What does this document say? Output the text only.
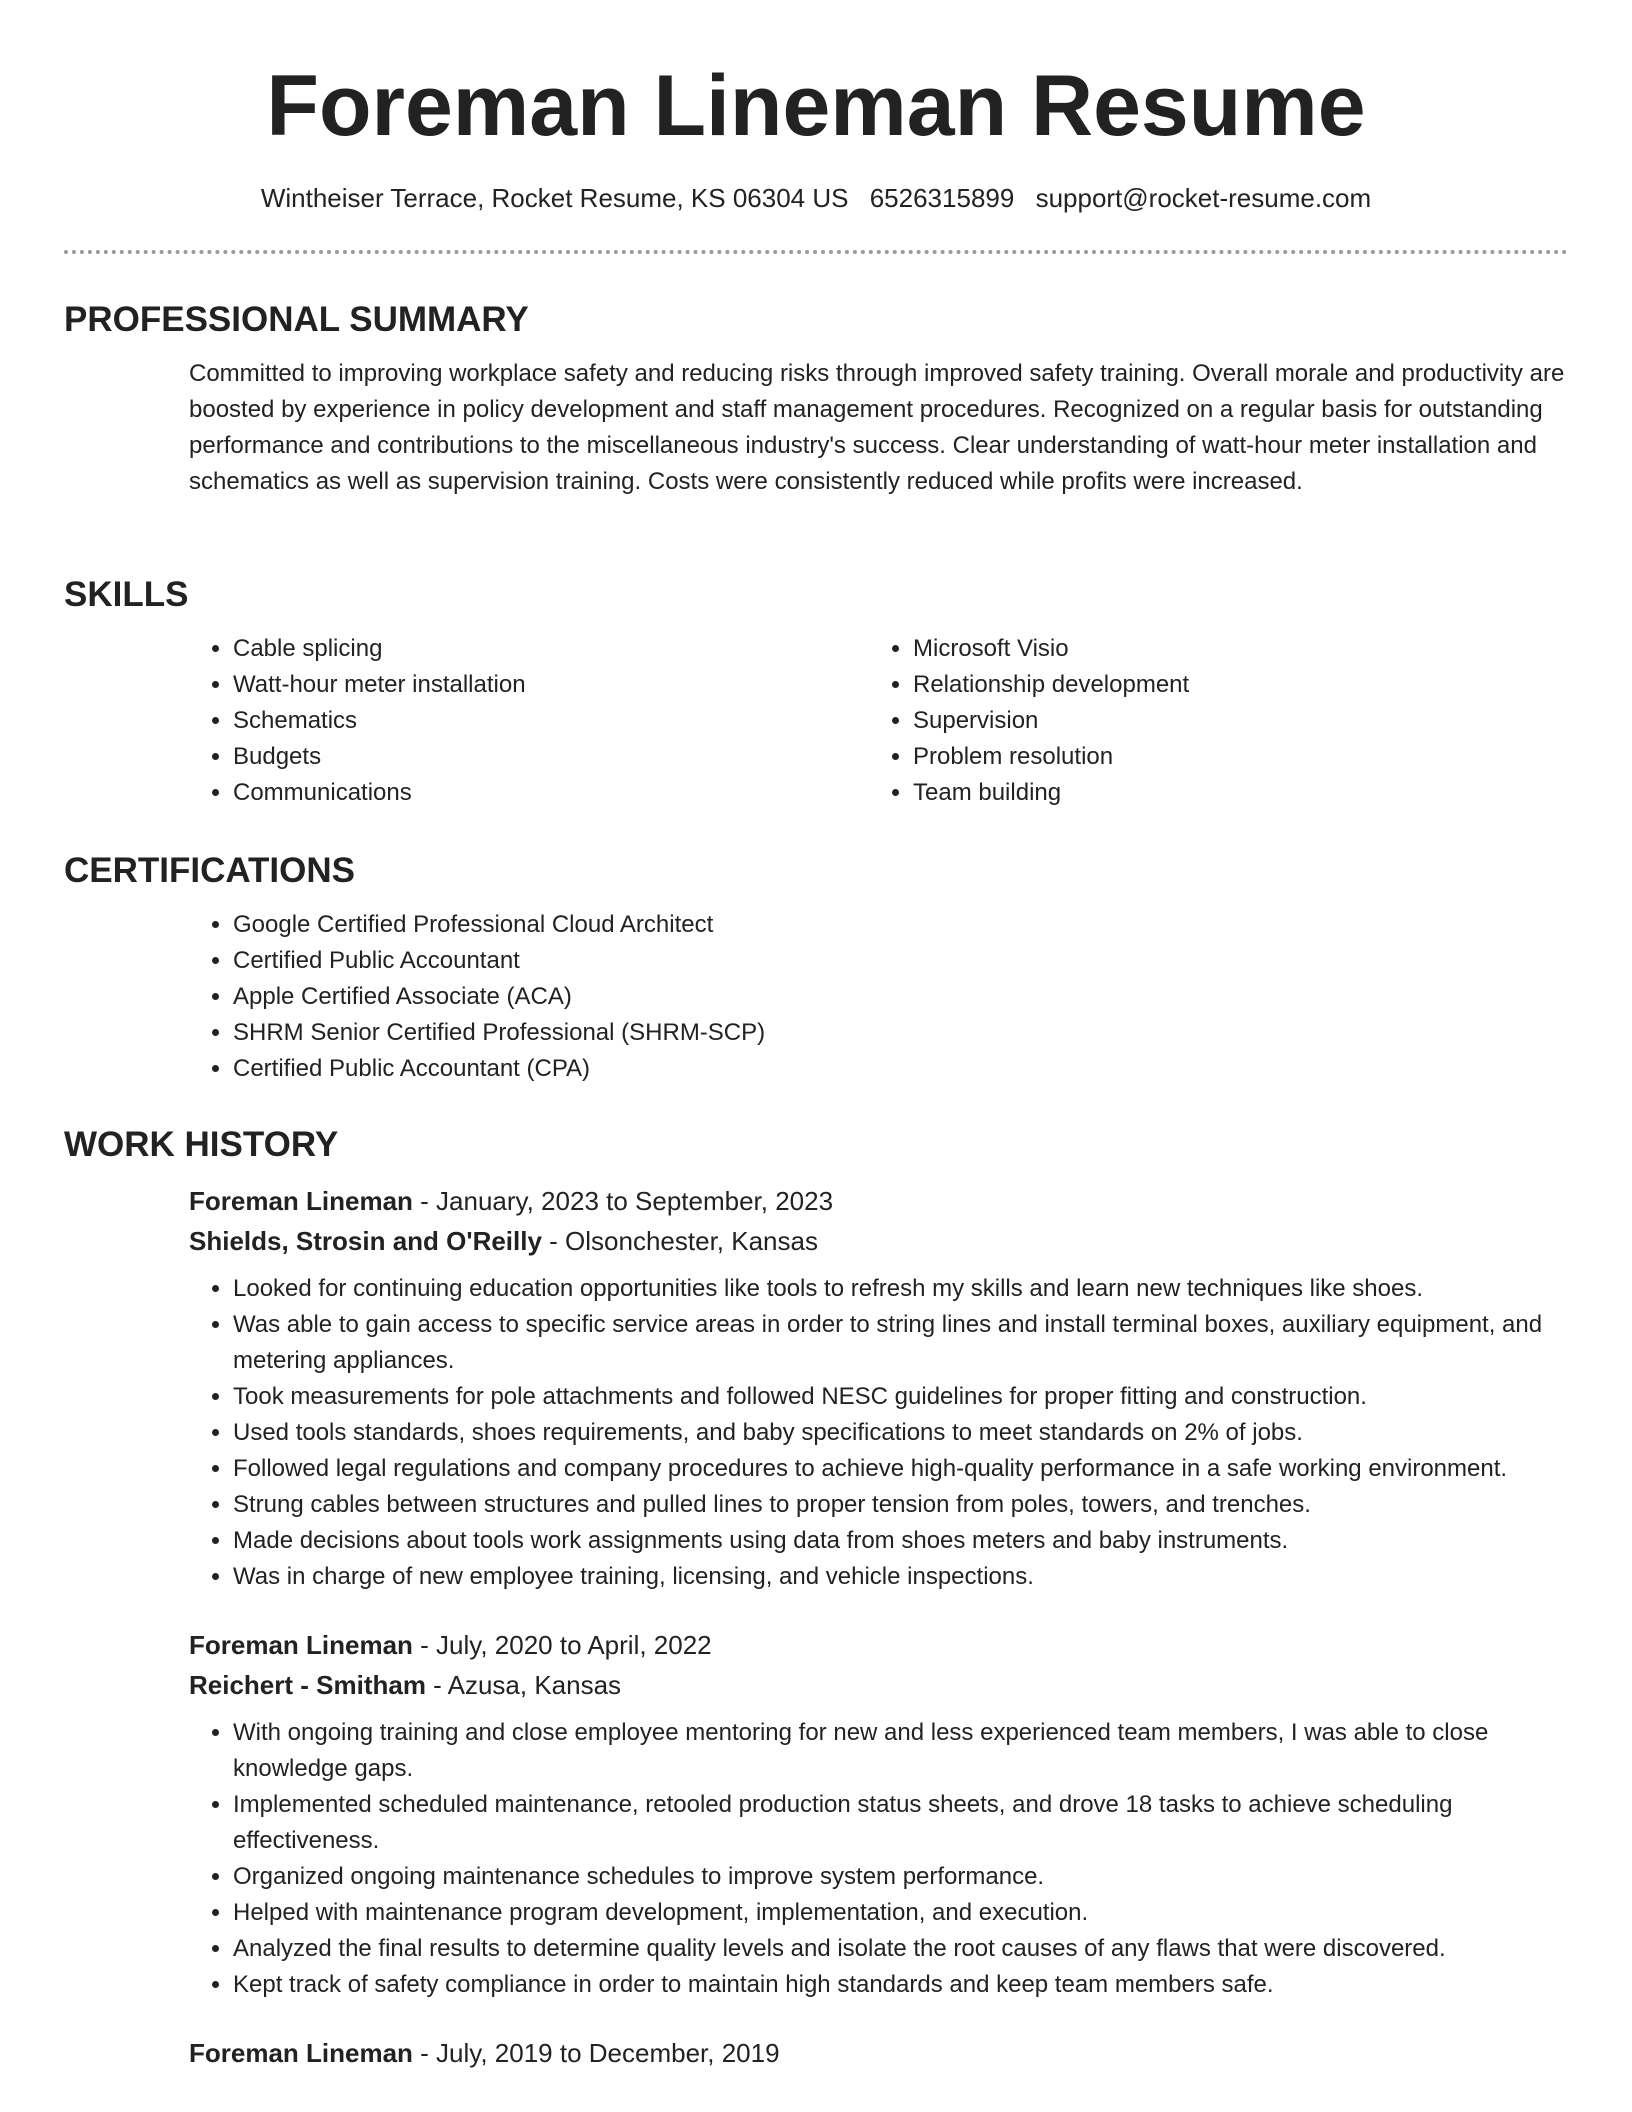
Foreman Lineman Resume
Wintheiser Terrace, Rocket Resume, KS 06304 US 6526315899 support@rocket-resume.com
PROFESSIONAL SUMMARY

Committed to improving workplace safety and reducing risks through improved safety training. Overall morale and productivity are boosted by experience in policy development and staff management procedures. Recognized on a regular basis for outstanding performance and contributions to the miscellaneous industry's success. Clear understanding of watt-hour meter installation and schematics as well as supervision training. Costs were consistently reduced while profits were increased.

SKILLS
• Cable splicing
• Watt-hour meter installation
• Schematics
• Budgets
• Communications
• Microsoft Visio
• Relationship development
• Supervision
• Problem resolution
• Team building
CERTIFICATIONS
• Google Certified Professional Cloud Architect
• Certified Public Accountant
• Apple Certified Associate (ACA)
• SHRM Senior Certified Professional (SHRM-SCP)
• Certified Public Accountant (CPA)
WORK HISTORY
Foreman Lineman - January, 2023 to September, 2023
Shields, Strosin and O'Reilly - Olsonchester, Kansas
• Looked for continuing education opportunities like tools to refresh my skills and learn new techniques like shoes.
• Was able to gain access to specific service areas in order to string lines and install terminal boxes, auxiliary equipment, and metering appliances.
• Took measurements for pole attachments and followed NESC guidelines for proper fitting and construction.
• Used tools standards, shoes requirements, and baby specifications to meet standards on 2% of jobs.
• Followed legal regulations and company procedures to achieve high-quality performance in a safe working environment.
• Strung cables between structures and pulled lines to proper tension from poles, towers, and trenches.
• Made decisions about tools work assignments using data from shoes meters and baby instruments.
• Was in charge of new employee training, licensing, and vehicle inspections.
Foreman Lineman - July, 2020 to April, 2022
Reichert - Smitham - Azusa, Kansas
• With ongoing training and close employee mentoring for new and less experienced team members, I was able to close knowledge gaps.
• Implemented scheduled maintenance, retooled production status sheets, and drove 18 tasks to achieve scheduling effectiveness.
• Organized ongoing maintenance schedules to improve system performance.
• Helped with maintenance program development, implementation, and execution.
• Analyzed the final results to determine quality levels and isolate the root causes of any flaws that were discovered.
• Kept track of safety compliance in order to maintain high standards and keep team members safe.
Foreman Lineman - July, 2019 to December, 2019
